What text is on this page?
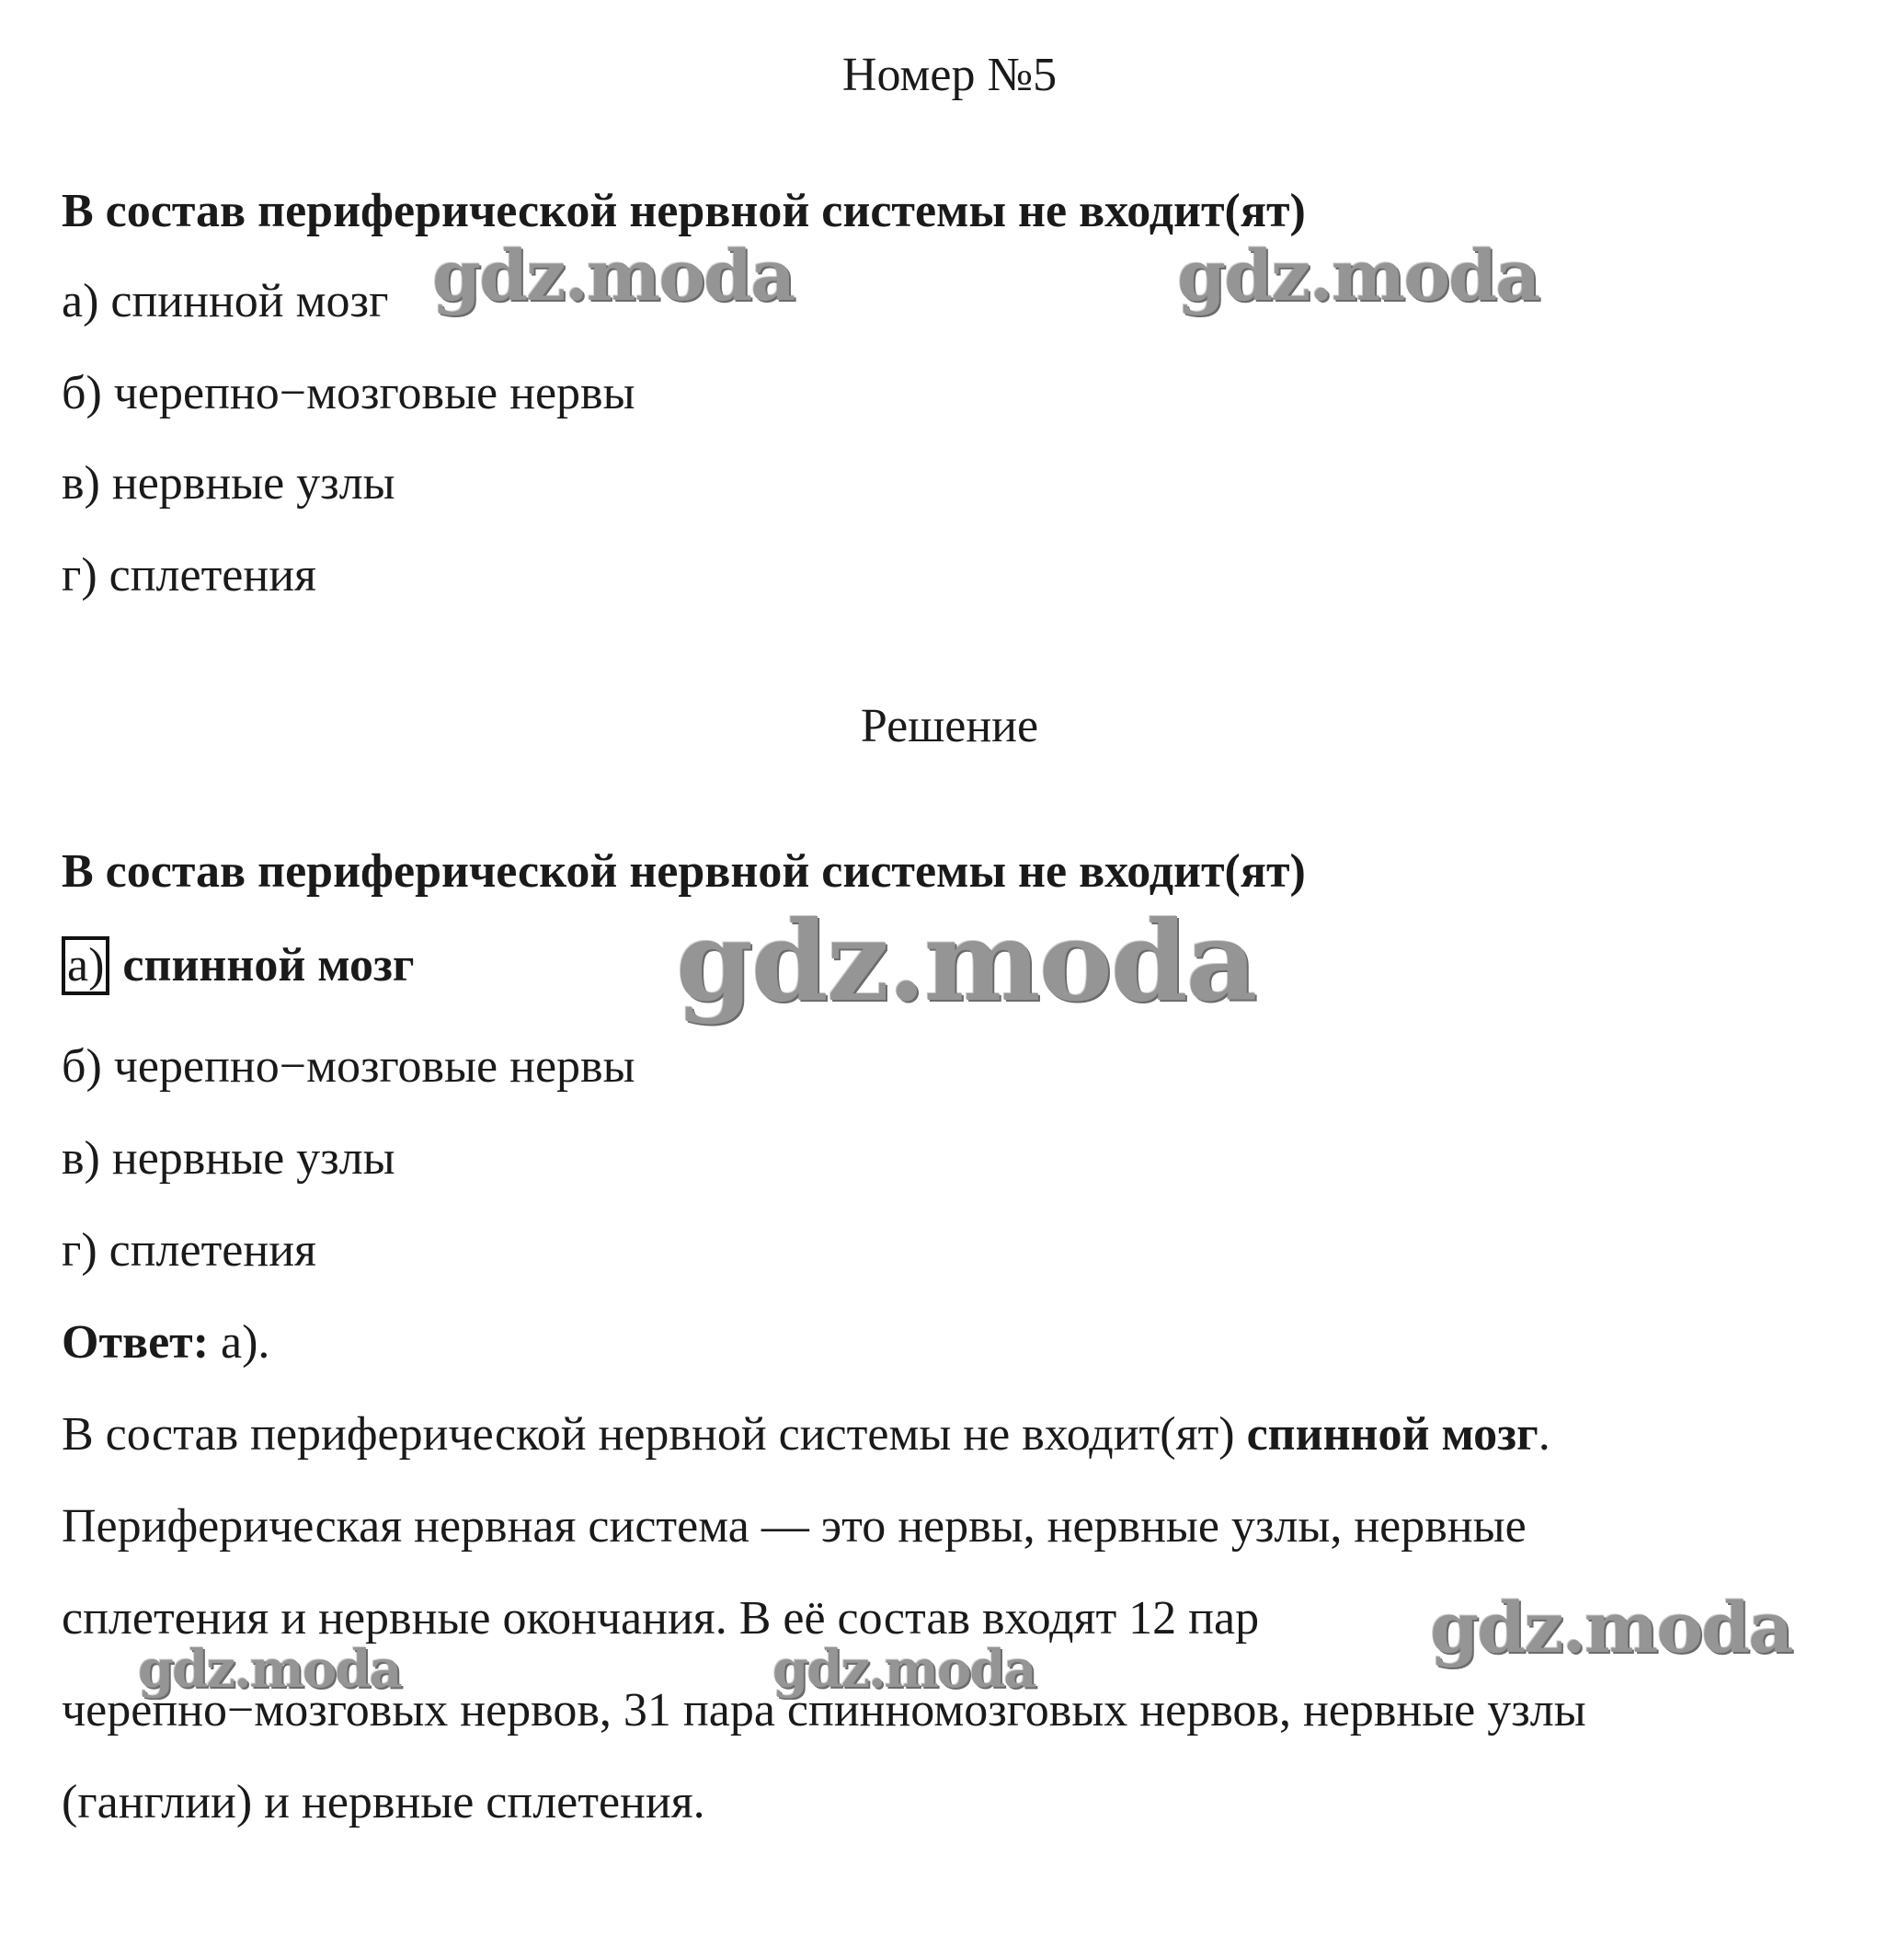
Номер №5
В состав периферической нервной системы не входит(ят)
а) спинной мозг
б) черепно−мозговые нервы
в) нервные узлы
г) сплетения
Решение
В состав периферической нервной системы не входит(ят)
а) спинной мозг
б) черепно−мозговые нервы
в) нервные узлы
г) сплетения
Ответ: а).
В состав периферической нервной системы не входит(ят) спинной мозг.
Периферическая нервная система — это нервы, нервные узлы, нервные
сплетения и нервные окончания. В её состав входят 12 пар
черепно−мозговых нервов, 31 пара спинномозговых нервов, нервные узлы
(ганглии) и нервные сплетения.
gdz.moda	gdz.moda
gdz.moda
gdz.moda
gdz.moda	gdz.moda
